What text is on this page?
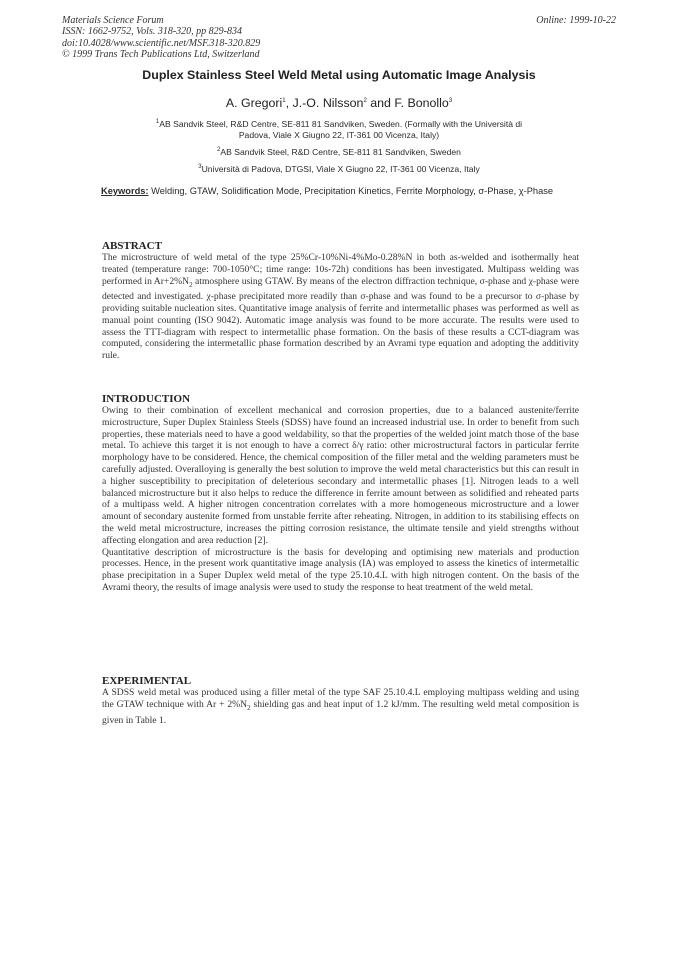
Materials Science Forum
ISSN: 1662-9752, Vols. 318-320, pp 829-834
doi:10.4028/www.scientific.net/MSF.318-320.829
© 1999 Trans Tech Publications Ltd, Switzerland
Online: 1999-10-22
Duplex Stainless Steel Weld Metal using Automatic Image Analysis
A. Gregori$^1$, J.-O. Nilsson$^2$ and F. Bonollo$^3$
$^1$AB Sandvik Steel, R&D Centre, SE-811 81 Sandviken, Sweden. (Formally with the Università di
Padova, Viale X Giugno 22, IT-361 00 Vicenza, Italy)
$^2$AB Sandvik Steel, R&D Centre, SE-811 81 Sandviken, Sweden
$^3$Università di Padova, DTGSI, Viale X Giugno 22, IT-361 00 Vicenza, Italy
Keywords: Welding, GTAW, Solidification Mode, Precipitation Kinetics, Ferrite Morphology, σ-Phase, χ-Phase
ABSTRACT
The microstructure of weld metal of the type 25%Cr-10%Ni-4%Mo-0.28%N in both as-welded and isothermally heat treated (temperature range: 700-1050°C; time range: 10s-72h) conditions has been investigated. Multipass welding was performed in $Ar+2\%N_2$ atmosphere using GTAW. By means of the electron diffraction technique, σ-phase and χ-phase were detected and investigated. χ-phase precipitated more readily than σ-phase and was found to be a precursor to σ-phase by providing suitable nucleation sites. Quantitative image analysis of ferrite and intermetallic phases was performed as well as manual point counting (ISO 9042). Automatic image analysis was found to be more accurate. The results were used to assess the TTT-diagram with respect to intermetallic phase formation. On the basis of these results a CCT-diagram was computed, considering the intermetallic phase formation described by an Avrami type equation and adopting the additivity rule.
INTRODUCTION
Owing to their combination of excellent mechanical and corrosion properties, due to a balanced austenite/ferrite microstructure, Super Duplex Stainless Steels (SDSS) have found an increased industrial use. In order to benefit from such properties, these materials need to have a good weldability, so that the properties of the welded joint match those of the base metal. To achieve this target it is not enough to have a correct δ/γ ratio: other microstructural factors in particular ferrite morphology have to be considered. Hence, the chemical composition of the filler metal and the welding parameters must be carefully adjusted. Overalloying is generally the best solution to improve the weld metal characteristics but this can result in a higher susceptibility to precipitation of deleterious secondary and intermetallic phases [1]. Nitrogen leads to a well balanced microstructure but it also helps to reduce the difference in ferrite amount between as solidified and reheated parts of a multipass weld. A higher nitrogen concentration correlates with a more homogeneous microstructure and a lower amount of secondary austenite formed from unstable ferrite after reheating. Nitrogen, in addition to its stabilising effects on the weld metal microstructure, increases the pitting corrosion resistance, the ultimate tensile and yield strengths without affecting elongation and area reduction [2].
Quantitative description of microstructure is the basis for developing and optimising new materials and production processes. Hence, in the present work quantitative image analysis (IA) was employed to assess the kinetics of intermetallic phase precipitation in a Super Duplex weld metal of the type 25.10.4.L with high nitrogen content. On the basis of the Avrami theory, the results of image analysis were used to study the response to heat treatment of the weld metal.
EXPERIMENTAL
A SDSS weld metal was produced using a filler metal of the type SAF 25.10.4.L employing multipass welding and using the GTAW technique with $Ar + 2\%N_2$ shielding gas and heat input of 1.2 kJ/mm. The resulting weld metal composition is given in Table 1.
